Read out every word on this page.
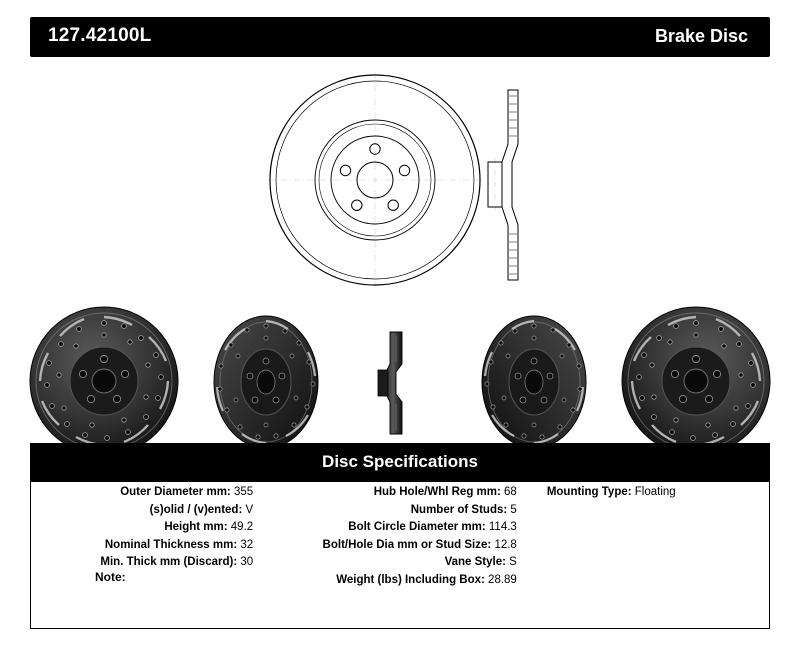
127.42100L	Brake Disc
Disc Specifications
Outer Diameter mm: 355
(s)olid / (v)ented: V
Height mm: 49.2
Nominal Thickness mm: 32
Min. Thick mm (Discard): 30
Hub Hole/Whl Reg mm: 68
Number of Studs: 5
Bolt Circle Diameter mm: 114.3
Bolt/Hole Dia mm or Stud Size: 12.8
Vane Style: S
Weight (lbs) Including Box: 28.89
Mounting Type: Floating
Note:
